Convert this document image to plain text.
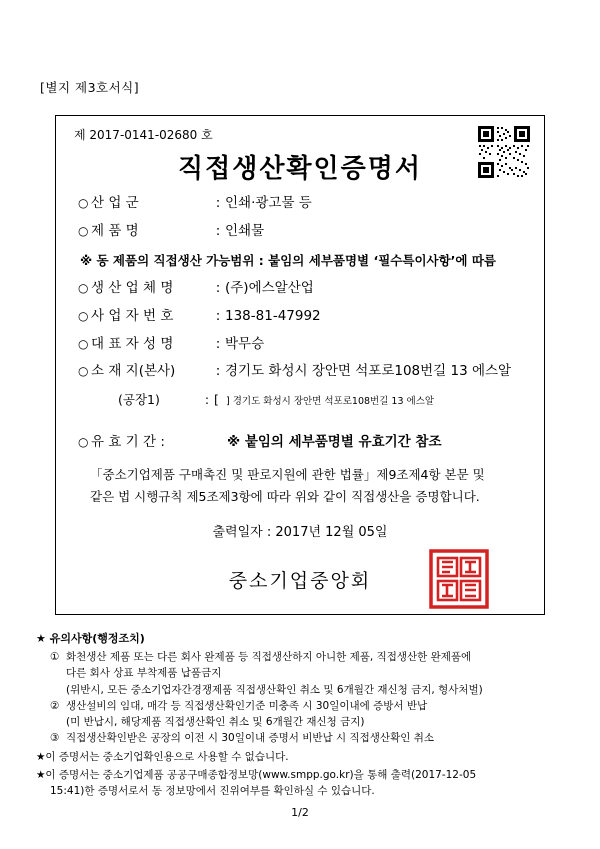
[별지 제3호서식]
제 2017-0141-02680 호
직접생산확인증명서
○ 산 업 군	: 인쇄·광고물 등
○ 제 품 명	: 인쇄물
※ 동 제품의 직접생산 가능범위 : 붙임의 세부품명별 ‘필수특이사항’에 따름
○ 생 산 업 체 명	: (주)에스알산업
○ 사 업 자 번 호	: 138-81-47992
○ 대 표 자 성 명	: 박무승
○ 소 재 지(본사)	: 경기도 화성시 장안면 석포로108번길 13 에스알
(공장1)	: [ ] 경기도 화성시 장안면 석포로108번길 13 에스알
○ 유 효 기 간 :	※ 붙임의 세부품명별 유효기간 참조

「중소기업제품 구매촉진 및 판로지원에 관한 법률」제9조제4항 본문 및

같은 법 시행규칙 제5조제3항에 따라 위와 같이 직접생산을 증명합니다.

출력일자 : 2017년 12월 05일
중소기업중앙회
★ 유의사항(행정조치)
① 화천생산 제품 또는 다른 회사 완제품 등 직접생산하지 아니한 제품, 직접생산한 완제품에
다른 회사 상표 부착제품 납품금지
(위반시, 모든 중소기업자간경쟁제품 직접생산확인 취소 및 6개월간 재신청 금지, 형사처벌)
② 생산설비의 임대, 매각 등 직접생산확인기준 미충족 시 30일이내에 증방서 반납
(미 반납시, 해당제품 직접생산확인 취소 및 6개월간 재신청 금지)
③ 직접생산확인받은 공장의 이전 시 30일이내 증명서 비반납 시 직접생산확인 취소
★이 증명서는 중소기업확인용으로 사용할 수 없습니다.
★이 증명서는 중소기업제품 공공구매종합정보망(www.smpp.go.kr)을 통해 출력(2017-12-05
15:41)한 증명서로서 동 정보망에서 진위여부를 확인하실 수 있습니다.
1/2
